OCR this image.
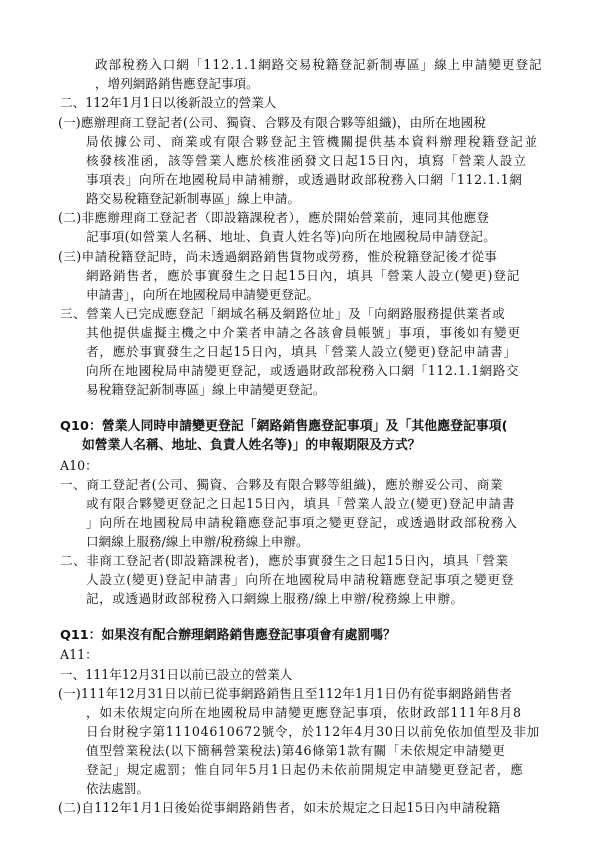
政部稅務入口網「112.1.1網路交易稅籍登記新制專區」線上申請變更登記
，增列網路銷售應登記事項。
二、112年1月1日以後新設立的營業人
(一)應辦理商工登記者(公司、獨資、合夥及有限合夥等組織)，由所在地國稅
局依據公司、商業或有限合夥登記主管機關提供基本資料辦理稅籍登記並
核發核准函，該等營業人應於核准函發文日起15日內，填寫「營業人設立
事項表」向所在地國稅局申請補辦，或透過財政部稅務入口網「112.1.1網
路交易稅籍登記新制專區」線上申請。
(二)非應辦理商工登記者（即設籍課稅者），應於開始營業前，連同其他應登
記事項(如營業人名稱、地址、負責人姓名等)向所在地國稅局申請登記。
(三)申請稅籍登記時，尚未透過網路銷售貨物或勞務，惟於稅籍登記後才從事
網路銷售者，應於事實發生之日起15日內，填具「營業人設立(變更)登記
申請書」，向所在地國稅局申請變更登記。
三、營業人已完成應登記「網域名稱及網路位址」及「向網路服務提供業者或
其他提供虛擬主機之中介業者申請之各該會員帳號」事項，事後如有變更
者，應於事實發生之日起15日內，填具「營業人設立(變更)登記申請書」
向所在地國稅局申請變更登記，或透過財政部稅務入口網「112.1.1網路交
易稅籍登記新制專區」線上申請變更登記。
Q10：營業人同時申請變更登記「網路銷售應登記事項」及「其他應登記事項(
如營業人名稱、地址、負責人姓名等)」的申報期限及方式？
A10：
一、商工登記者(公司、獨資、合夥及有限合夥等組織)，應於辦妥公司、商業
或有限合夥變更登記之日起15日內，填具「營業人設立(變更)登記申請書
」向所在地國稅局申請稅籍應登記事項之變更登記，或透過財政部稅務入
口網線上服務/線上申辦/稅務線上申辦。
二、非商工登記者(即設籍課稅者)，應於事實發生之日起15日內，填具「營業
人設立(變更)登記申請書」向所在地國稅局申請稅籍應登記事項之變更登
記，或透過財政部稅務入口網線上服務/線上申辦/稅務線上申辦。
Q11：如果沒有配合辦理網路銷售應登記事項會有處罰嗎？
A11：
一、111年12月31日以前已設立的營業人
(一)111年12月31日以前已從事網路銷售且至112年1月1日仍有從事網路銷售者
，如未依規定向所在地國稅局申請變更應登記事項，依財政部111年8月8
日台財稅字第11104610672號令，於112年4月30日以前免依加值型及非加
值型營業稅法(以下簡稱營業稅法)第46條第1款有關「未依規定申請變更
登記」規定處罰；惟自同年5月1日起仍未依前開規定申請變更登記者，應
依法處罰。
(二)自112年1月1日後始從事網路銷售者，如未於規定之日起15日內申請稅籍
